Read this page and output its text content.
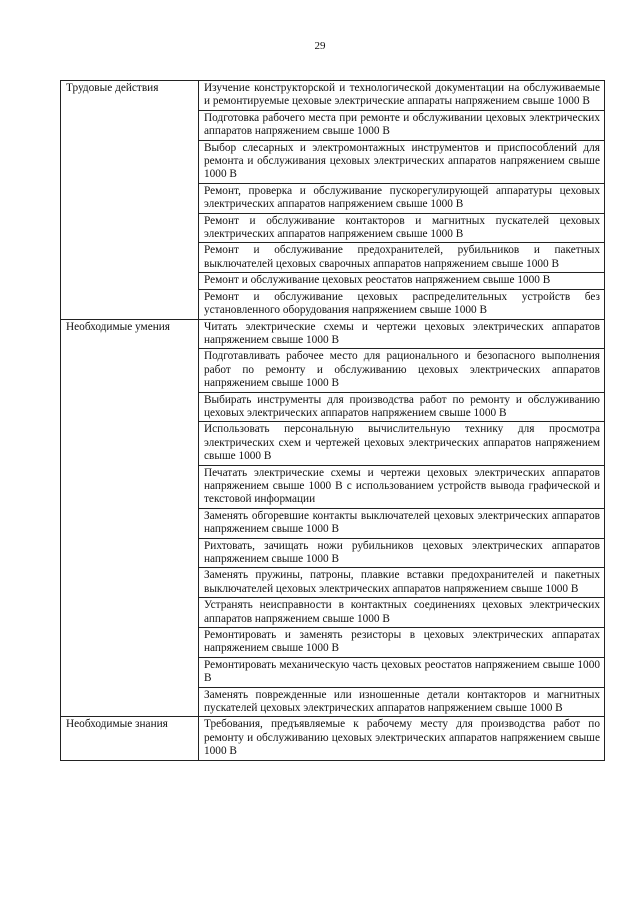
29
Трудовые действия	Изучение конструкторской и технологической документации на обслуживаемые и ремонтируемые цеховые электрические аппараты напряжением свыше 1000 В
	Подготовка рабочего места при ремонте и обслуживании цеховых электрических аппаратов напряжением свыше 1000 В
	Выбор слесарных и электромонтажных инструментов и приспособлений для ремонта и обслуживания цеховых электрических аппаратов напряжением свыше 1000 В
	Ремонт, проверка и обслуживание пускорегулирующей аппаратуры цеховых электрических аппаратов напряжением свыше 1000 В
	Ремонт и обслуживание контакторов и магнитных пускателей цеховых электрических аппаратов напряжением свыше 1000 В
	Ремонт и обслуживание предохранителей, рубильников и пакетных выключателей цеховых сварочных аппаратов напряжением свыше 1000 В
	Ремонт и обслуживание цеховых реостатов напряжением свыше 1000 В
	Ремонт и обслуживание цеховых распределительных устройств без установленного оборудования напряжением свыше 1000 В
Необходимые умения	Читать электрические схемы и чертежи цеховых электрических аппаратов напряжением свыше 1000 В
	Подготавливать рабочее место для рационального и безопасного выполнения работ по ремонту и обслуживанию цеховых электрических аппаратов напряжением свыше 1000 В
	Выбирать инструменты для производства работ по ремонту и обслуживанию цеховых электрических аппаратов напряжением свыше 1000 В
	Использовать персональную вычислительную технику для просмотра электрических схем и чертежей цеховых электрических аппаратов напряжением свыше 1000 В
	Печатать электрические схемы и чертежи цеховых электрических аппаратов напряжением свыше 1000 В с использованием устройств вывода графической и текстовой информации
	Заменять обгоревшие контакты выключателей цеховых электрических аппаратов напряжением свыше 1000 В
	Рихтовать, зачищать ножи рубильников цеховых электрических аппаратов напряжением свыше 1000 В
	Заменять пружины, патроны, плавкие вставки предохранителей и пакетных выключателей цеховых электрических аппаратов напряжением свыше 1000 В
	Устранять неисправности в контактных соединениях цеховых электрических аппаратов напряжением свыше 1000 В
	Ремонтировать и заменять резисторы в цеховых электрических аппаратах напряжением свыше 1000 В
	Ремонтировать механическую часть цеховых реостатов напряжением свыше 1000 В
	Заменять поврежденные или изношенные детали контакторов и магнитных пускателей цеховых электрических аппаратов напряжением свыше 1000 В
Необходимые знания	Требования, предъявляемые к рабочему месту для производства работ по ремонту и обслуживанию цеховых электрических аппаратов напряжением свыше 1000 В
